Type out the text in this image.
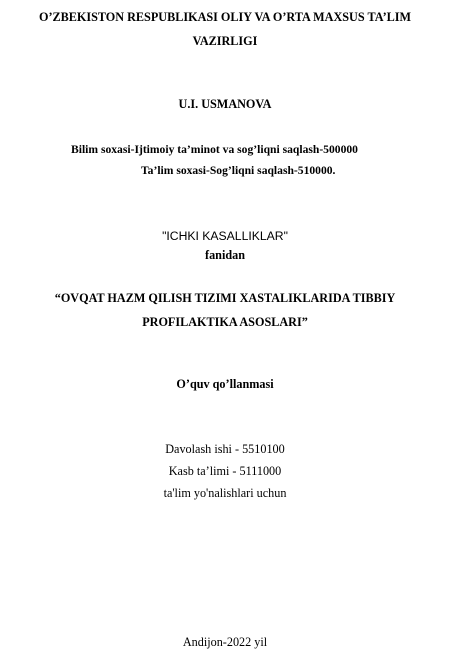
O’ZBEKISTON RESPUBLIKASI OLIY VA O’RTA MAXSUS TA’LIM
VAZIRLIGI
U.I. USMANOVA
Bilim soxasi-Ijtimoiy ta’minot va sog’liqni saqlash-500000
Ta’lim soxasi-Sog’liqni saqlash-510000.
"ICHKI KASALLIKLAR"
fanidan
“OVQAT HAZM QILISH TIZIMI XASTALIKLARIDA TIBBIY
PROFILAKTIKA ASOSLARI”
O’quv qo’llanmasi
Davolash ishi - 5510100
Kasb ta’limi - 5111000
ta'lim yo'nalishlari uchun
Andijon-2022 yil
